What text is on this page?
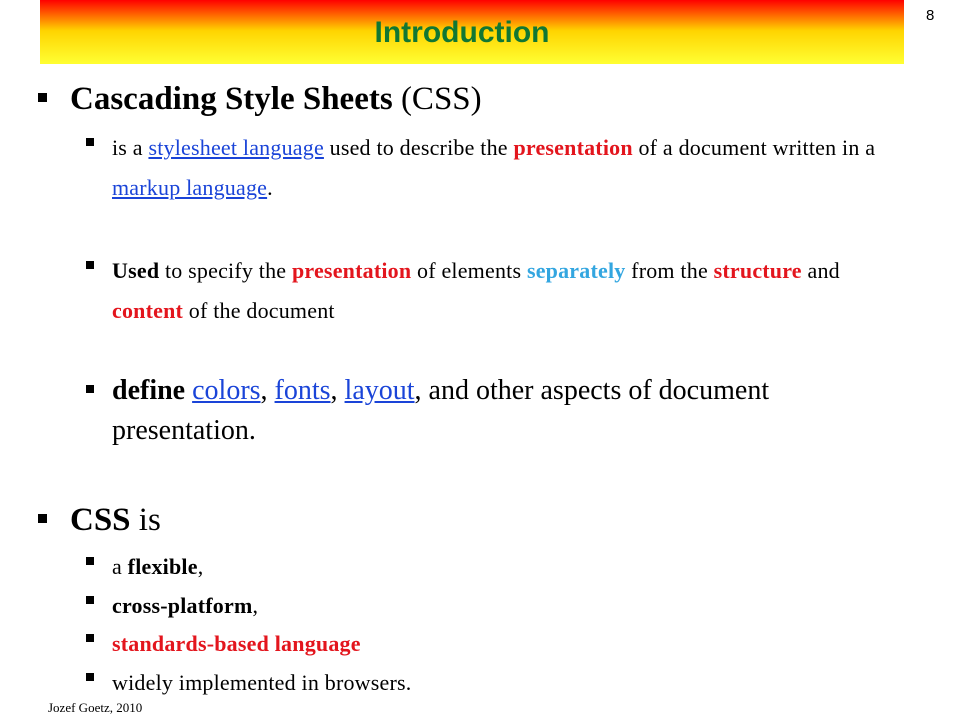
Introduction
8
Cascading Style Sheets (CSS)
is a stylesheet language used to describe the presentation of a document written in a markup language.
Used to specify the presentation of elements separately from the structure and content of the document
define colors, fonts, layout, and other aspects of document presentation.
CSS is
a flexible,
cross-platform,
standards-based language
widely implemented in browsers.
Jozef Goetz, 2010
